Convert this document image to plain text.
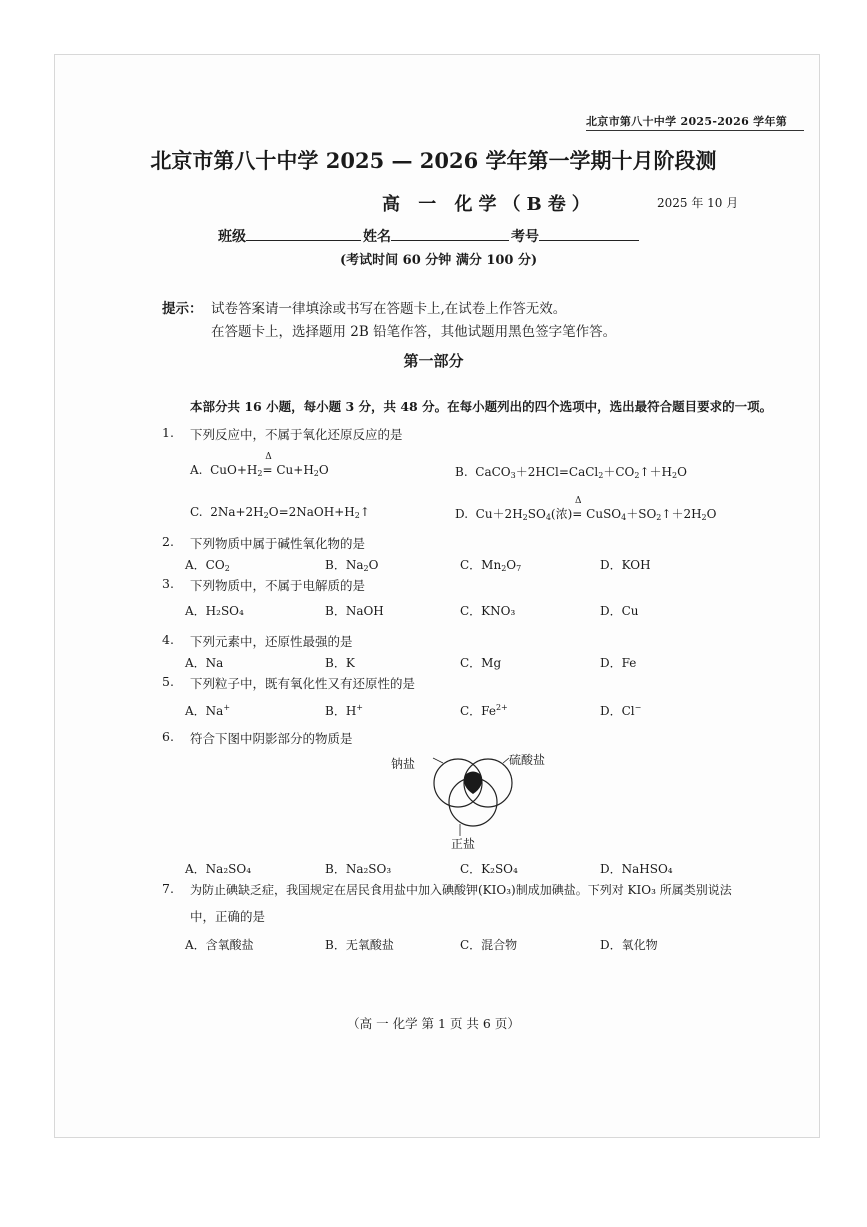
北京市第八十中学 2025-2026 学年第
北京市第八十中学 2025 — 2026 学年第一学期十月阶段测
高 一 化学（B卷）	2025 年 10 月
班级	姓名	考号
(考试时间 60 分钟 满分 100 分)
提示： 试卷答案请一律填涂或书写在答题卡上,在试卷上作答无效。
在答题卡上，选择题用 2B 铅笔作答，其他试题用黑色签字笔作答。
第一部分
本部分共 16 小题，每小题 3 分，共 48 分。在每小题列出的四个选项中，选出最符合题目要求的一项。
1. 下列反应中，不属于氧化还原反应的是
A.  $CuO+H_2$
Δ
= $Cu+H_2O$	B.  $CaCO_3+2HCl=CaCl_2+CO_2↑+H_2O$
C.  $2Na+2H_2O=2NaOH+H_2↑$	D.  $Cu+2H_2SO_4$(浓)
Δ
= $CuSO_4+SO_2↑+2H_2O$
2. 下列物质中属于碱性氧化物的是
A．$CO_2$	B．$Na_2O$	C．$Mn_2O_7$	D．KOH
3. 下列物质中，不属于电解质的是
A．H₂SO₄	B．NaOH	C．KNO₃	D．Cu
4. 下列元素中，还原性最强的是
A．Na	B．K	C．Mg	D．Fe
5. 下列粒子中，既有氧化性又有还原性的是
A．Na+	B．H+	C．$Fe^{2+}$	D．Cl−
6. 符合下图中阴影部分的物质是
钠盐	硫酸盐
正盐
A．Na₂SO₄	B．Na₂SO₃	C．K₂SO₄	D．NaHSO₄
7. 为防止碘缺乏症，我国规定在居民食用盐中加入碘酸钾(KIO₃)制成加碘盐。下列对 KIO₃ 所属类别说法
中，正确的是
A．含氧酸盐	B．无氧酸盐	C．混合物	D．氧化物
（高 一 化学 第 1 页 共 6 页）
